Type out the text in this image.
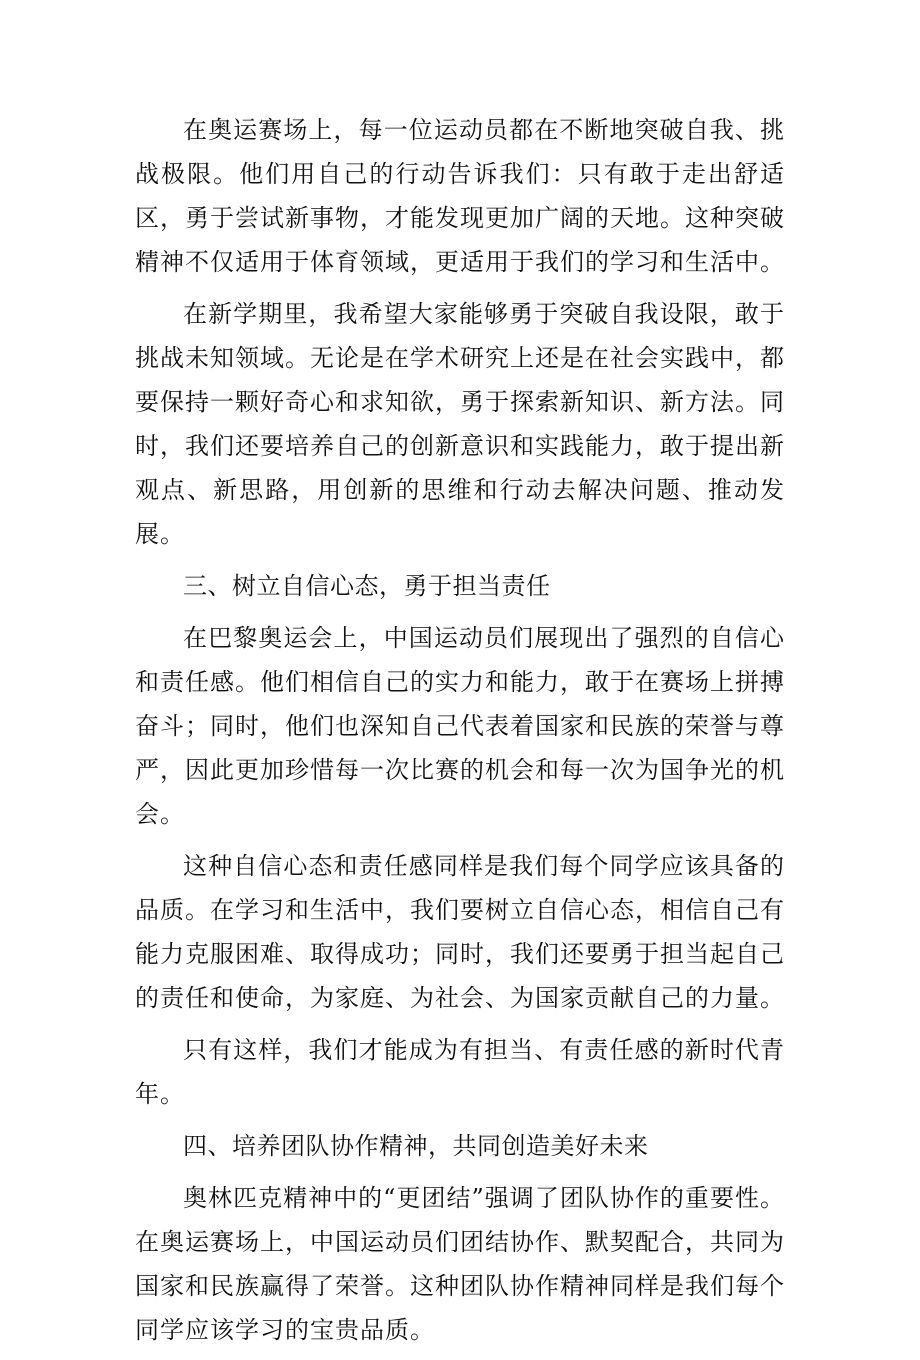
在奥运赛场上，每一位运动员都在不断地突破自我、挑战极限。他们用自己的行动告诉我们：只有敢于走出舒适区，勇于尝试新事物，才能发现更加广阔的天地。这种突破精神不仅适用于体育领域，更适用于我们的学习和生活中。

在新学期里，我希望大家能够勇于突破自我设限，敢于挑战未知领域。无论是在学术研究上还是在社会实践中，都要保持一颗好奇心和求知欲，勇于探索新知识、新方法。同时，我们还要培养自己的创新意识和实践能力，敢于提出新观点、新思路，用创新的思维和行动去解决问题、推动发展。

三、树立自信心态，勇于担当责任

在巴黎奥运会上，中国运动员们展现出了强烈的自信心和责任感。他们相信自己的实力和能力，敢于在赛场上拼搏奋斗；同时，他们也深知自己代表着国家和民族的荣誉与尊严，因此更加珍惜每一次比赛的机会和每一次为国争光的机会。

这种自信心态和责任感同样是我们每个同学应该具备的品质。在学习和生活中，我们要树立自信心态，相信自己有能力克服困难、取得成功；同时，我们还要勇于担当起自己的责任和使命，为家庭、为社会、为国家贡献自己的力量。

只有这样，我们才能成为有担当、有责任感的新时代青年。

四、培养团队协作精神，共同创造美好未来

奥林匹克精神中的“更团结”强调了团队协作的重要性。在奥运赛场上，中国运动员们团结协作、默契配合，共同为国家和民族赢得了荣誉。这种团队协作精神同样是我们每个同学应该学习的宝贵品质。
